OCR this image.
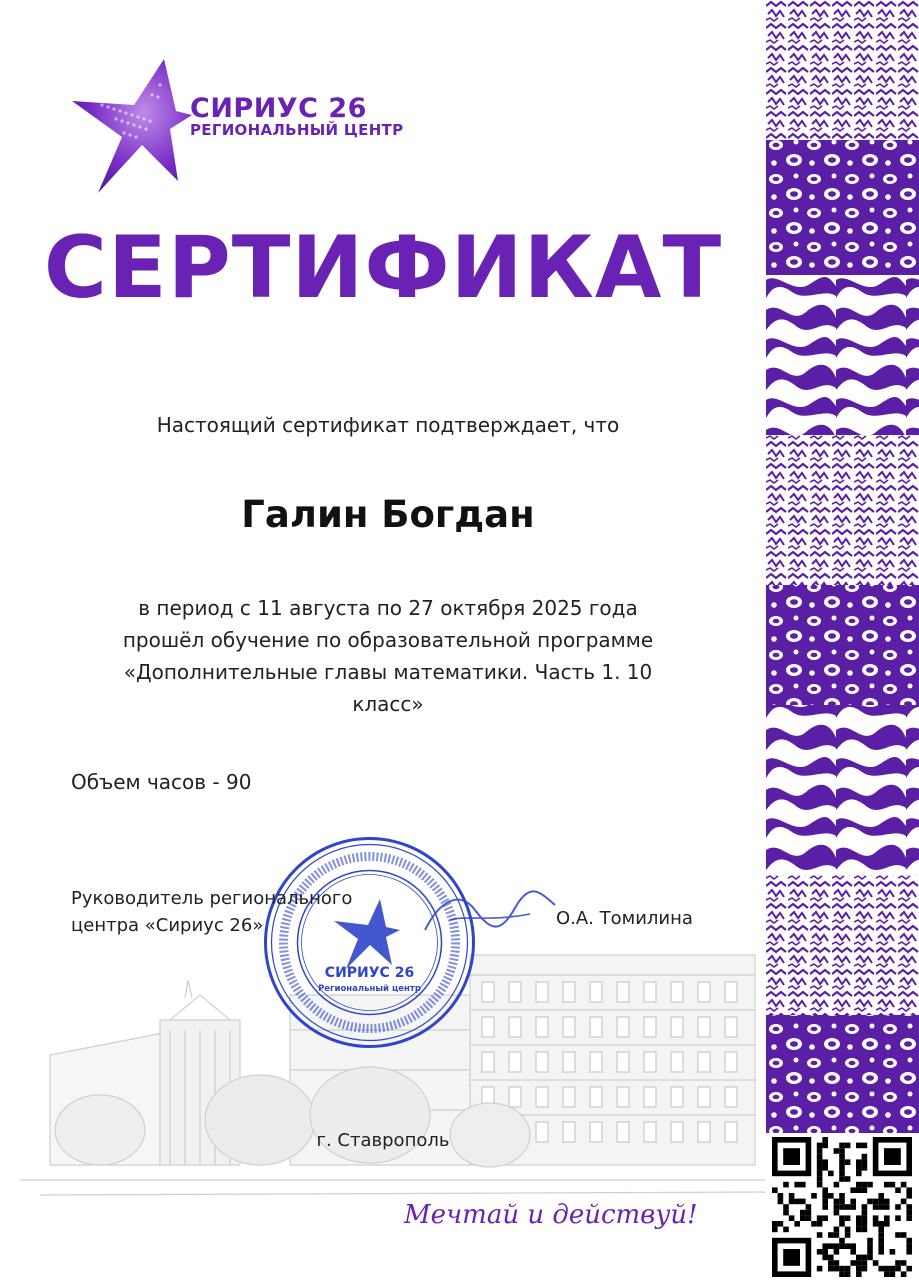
СИРИУС 26
РЕГИОНАЛЬНЫЙ ЦЕНТР
СЕРТИФИКАТ
Настоящий сертификат подтверждает, что
Галин Богдан
в период с 11 августа по 27 октября 2025 года
прошёл обучение по образовательной программе
«Дополнительные главы математики. Часть 1. 10
класс»
Объем часов - 90
СИРИУС 26
Региональный центр
Руководитель регионального
центра «Сириус 26»	О.А. Томилина
г. Ставрополь
Мечтай и действуй!
